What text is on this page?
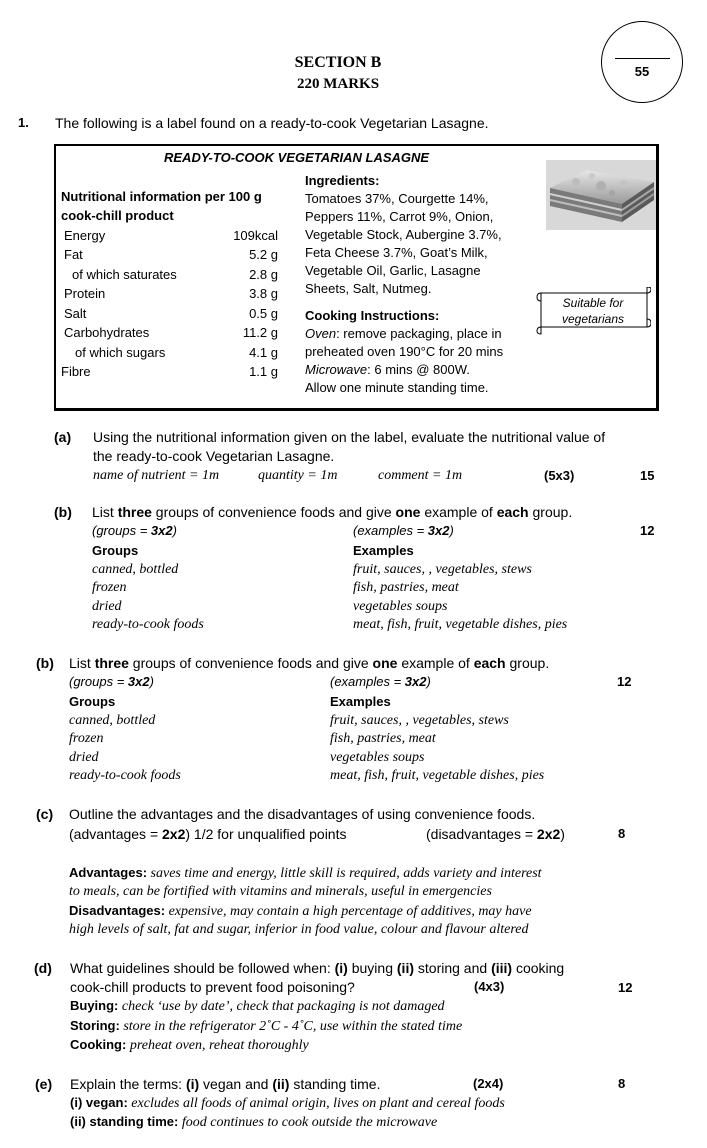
SECTION B
220 MARKS
55
1. The following is a label found on a ready-to-cook Vegetarian Lasagne.
READY-TO-COOK VEGETARIAN LASAGNE
Nutritional information per 100 g
cook-chill product
Energy	109kcal
Fat	5.2 g
of which saturates	2.8 g
Protein	3.8 g
Salt	0.5 g
Carbohydrates	11.2 g
of which sugars	4.1 g
Fibre	1.1 g
Ingredients:
Tomatoes 37%, Courgette 14%,
Peppers 11%, Carrot 9%, Onion,
Vegetable Stock, Aubergine 3.7%,
Feta Cheese 3.7%, Goat’s Milk,
Vegetable Oil, Garlic, Lasagne
Sheets, Salt, Nutmeg.
Cooking Instructions:
Oven: remove packaging, place in
preheated oven 190°C for 20 mins
Microwave: 6 mins @ 800W.
Allow one minute standing time.
Suitable for
vegetarians
(a) Using the nutritional information given on the label, evaluate the nutritional value of
the ready-to-cook Vegetarian Lasagne.
name of nutrient = 1m	quantity = 1m	comment = 1m	(5x3)	15
(b) List three groups of convenience foods and give one example of each group.
(groups = 3x2)	(examples = 3x2)	12
Groups	Examples
canned, bottled	fruit, sauces, , vegetables, stews
frozen	fish, pastries, meat
dried	vegetables soups
ready-to-cook foods	meat, fish, fruit, vegetable dishes, pies
(b) List three groups of convenience foods and give one example of each group.
(groups = 3x2)	(examples = 3x2)	12
Groups	Examples
canned, bottled	fruit, sauces, , vegetables, stews
frozen	fish, pastries, meat
dried	vegetables soups
ready-to-cook foods	meat, fish, fruit, vegetable dishes, pies
(c) Outline the advantages and the disadvantages of using convenience foods.
(advantages = 2x2) 1/2 for unqualified points	(disadvantages = 2x2)	8
Advantages: saves time and energy, little skill is required, adds variety and interest
to meals, can be fortified with vitamins and minerals, useful in emergencies
Disadvantages: expensive, may contain a high percentage of additives, may have
high levels of salt, fat and sugar, inferior in food value, colour and flavour altered
(d) What guidelines should be followed when: (i) buying (ii) storing and (iii) cooking
cook-chill products to prevent food poisoning?	(4x3)	12
Buying: check ‘use by date’, check that packaging is not damaged
Storing: store in the refrigerator 2˚C - 4˚C, use within the stated time
Cooking: preheat oven, reheat thoroughly
(e) Explain the terms: (i) vegan and (ii) standing time.	(2x4)	8
(i) vegan: excludes all foods of animal origin, lives on plant and cereal foods
(ii) standing time: food continues to cook outside the microwave
